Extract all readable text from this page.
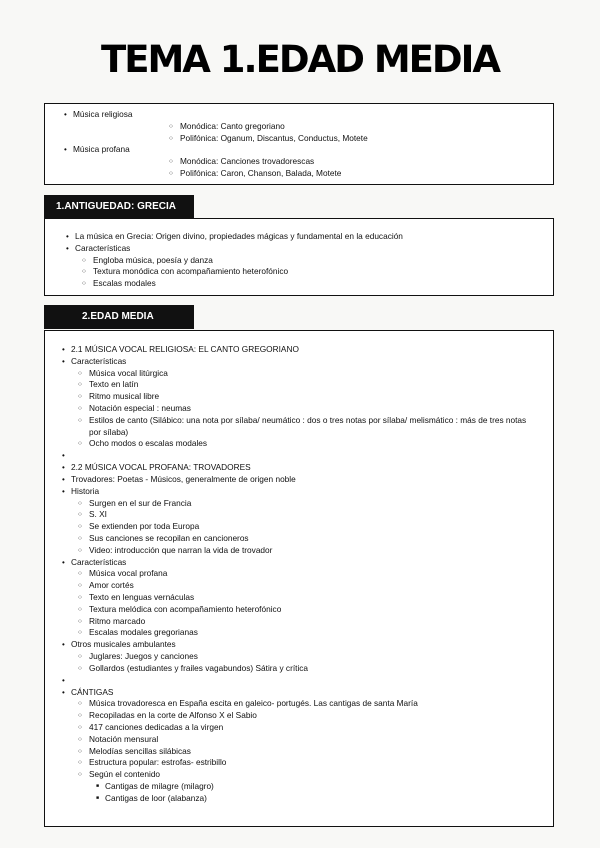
TEMA 1.EDAD MEDIA
• Música religiosa
○ Monódica: Canto gregoriano
○ Polifónica: Oganum, Discantus, Conductus, Motete
• Música profana
○ Monódica: Canciones trovadorescas
○ Polifónica: Caron, Chanson, Balada, Motete
• La música en Grecia: Origen divino, propiedades mágicas y fundamental en la educación
• Características
○ Engloba música, poesía y danza
○ Textura monódica con acompañamiento heterofónico
○ Escalas modales
1.ANTIGUEDAD: GRECIA
• 2.1 MÚSICA VOCAL RELIGIOSA: EL CANTO GREGORIANO
• Características
○ Música vocal litúrgica
○ Texto en latín
○ Ritmo musical libre
○ Notación especial : neumas
○ Estilos de canto (Silábico: una nota por sílaba/ neumático : dos o tres notas por sílaba/ melismático : más de tres notas por sílaba)
○ Ocho modos o escalas modales
•
• 2.2 MÚSICA VOCAL PROFANA: TROVADORES
• Trovadores: Poetas - Músicos, generalmente de origen noble
• Historia
○ Surgen en el sur de Francia
○ S. XI
○ Se extienden por toda Europa
○ Sus canciones se recopilan en cancioneros
○ Video: introducción que narran la vida de trovador
• Características
○ Música vocal profana
○ Amor cortés
○ Texto en lenguas vernáculas
○ Textura melódica con acompañamiento heterofónico
○ Ritmo marcado
○ Escalas modales gregorianas
• Otros musicales ambulantes
○ Juglares: Juegos y canciones
○ Gollardos (estudiantes y frailes vagabundos) Sátira y crítica
•
• CÁNTIGAS
○ Música trovadoresca en España escita en galeico- portugés. Las cantigas de santa María
○ Recopiladas en la corte de Alfonso X el Sabio
○ 417 canciones dedicadas a la virgen
○ Notación mensural
○ Melodías sencillas silábicas
○ Estructura popular: estrofas- estribillo
○ Según el contenido
■ Cantigas de milagre (milagro)
■ Cantigas de loor (alabanza)
2.EDAD MEDIA
